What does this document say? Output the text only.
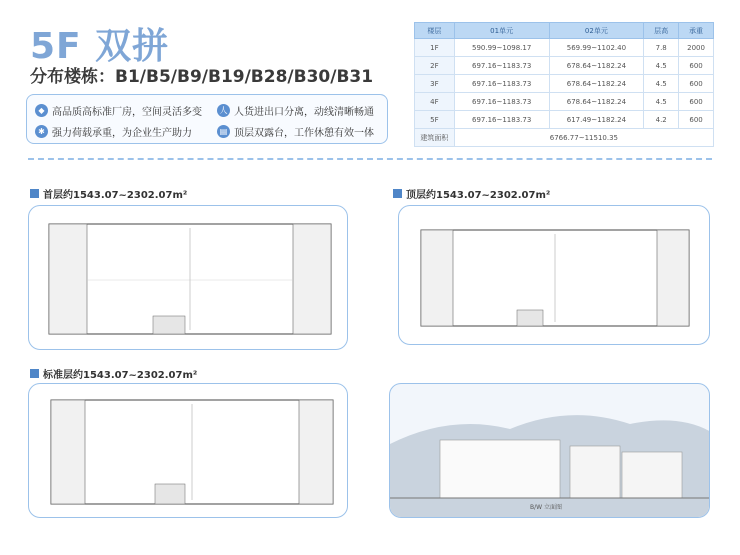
5F 双拼
分布楼栋：B1/B5/B9/B19/B28/B30/B31
◆ 高品质高标准厂房，空间灵活多变	人 人货进出口分离，动线清晰畅通
✱ 强力荷载承重，为企业生产助力	▤ 顶层双露台，工作休憩有效一体
楼层	01单元	02单元	层高	承重
1F	590.99~1098.17	569.99~1102.40	7.8	2000
2F	697.16~1183.73	678.64~1182.24	4.5	600
3F	697.16~1183.73	678.64~1182.24	4.5	600
4F	697.16~1183.73	678.64~1182.24	4.5	600
5F	697.16~1183.73	617.49~1182.24	4.2	600
建筑面积	6766.77~11510.35			
首层约1543.07~2302.07m²	顶层约1543.07~2302.07m²
标准层约1543.07~2302.07m²
B/W 立面图
